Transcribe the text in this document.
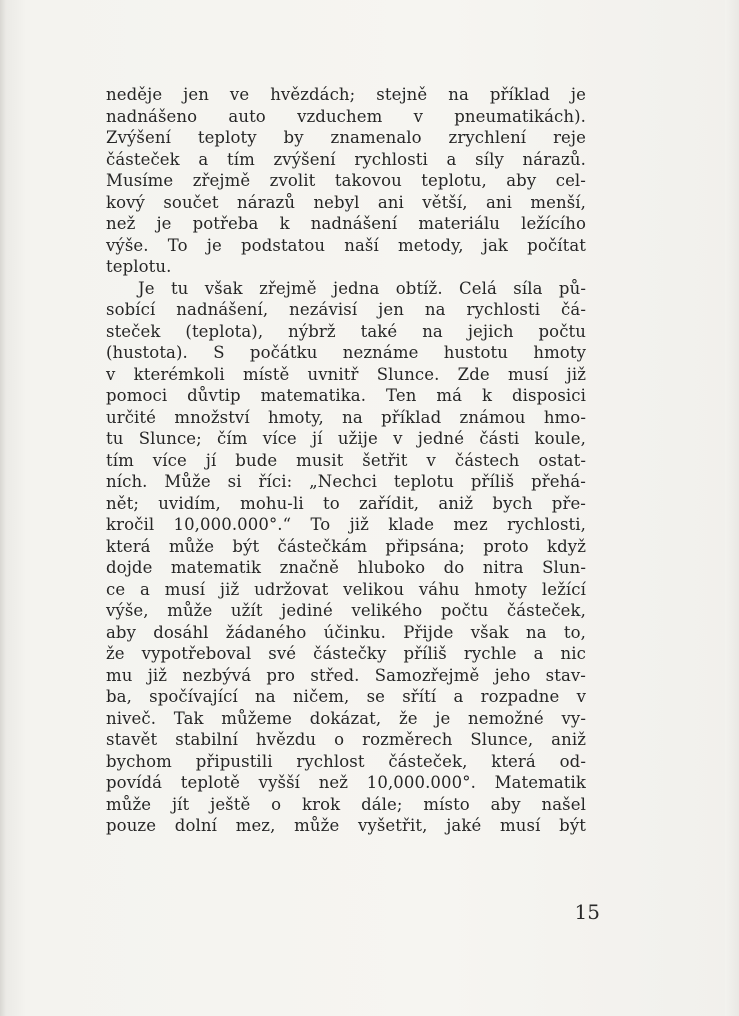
neděje jen ve hvězdách; stejně na příklad je
nadnášeno auto vzduchem v pneumatikách).
Zvýšení teploty by znamenalo zrychlení reje
částeček a tím zvýšení rychlosti a síly nárazů.
Musíme zřejmě zvolit takovou teplotu, aby cel-
kový součet nárazů nebyl ani větší, ani menší,
než je potřeba k nadnášení materiálu ležícího
výše. To je podstatou naší metody, jak počítat
teplotu.
Je tu však zřejmě jedna obtíž. Celá síla pů-
sobící nadnášení, nezávisí jen na rychlosti čá-
steček (teplota), nýbrž také na jejich počtu
(hustota). S počátku neznáme hustotu hmoty
v kterémkoli místě uvnitř Slunce. Zde musí již
pomoci důvtip matematika. Ten má k disposici
určité množství hmoty, na příklad známou hmo-
tu Slunce; čím více jí užije v jedné části koule,
tím více jí bude musit šetřit v částech ostat-
ních. Může si říci: „Nechci teplotu příliš přehá-
nět; uvidím, mohu-li to zařídit, aniž bych pře-
kročil 10,000.000°.“ To již klade mez rychlosti,
která může být částečkám připsána; proto když
dojde matematik značně hluboko do nitra Slun-
ce a musí již udržovat velikou váhu hmoty ležící
výše, může užít jediné velikého počtu částeček,
aby dosáhl žádaného účinku. Přijde však na to,
že vypotřeboval své částečky příliš rychle a nic
mu již nezbývá pro střed. Samozřejmě jeho stav-
ba, spočívající na ničem, se sřítí a rozpadne v
niveč. Tak můžeme dokázat, že je nemožné vy-
stavět stabilní hvězdu o rozměrech Slunce, aniž
bychom připustili rychlost částeček, která od-
povídá teplotě vyšší než 10,000.000°. Matematik
může jít ještě o krok dále; místo aby našel
pouze dolní mez, může vyšetřit, jaké musí být
15
